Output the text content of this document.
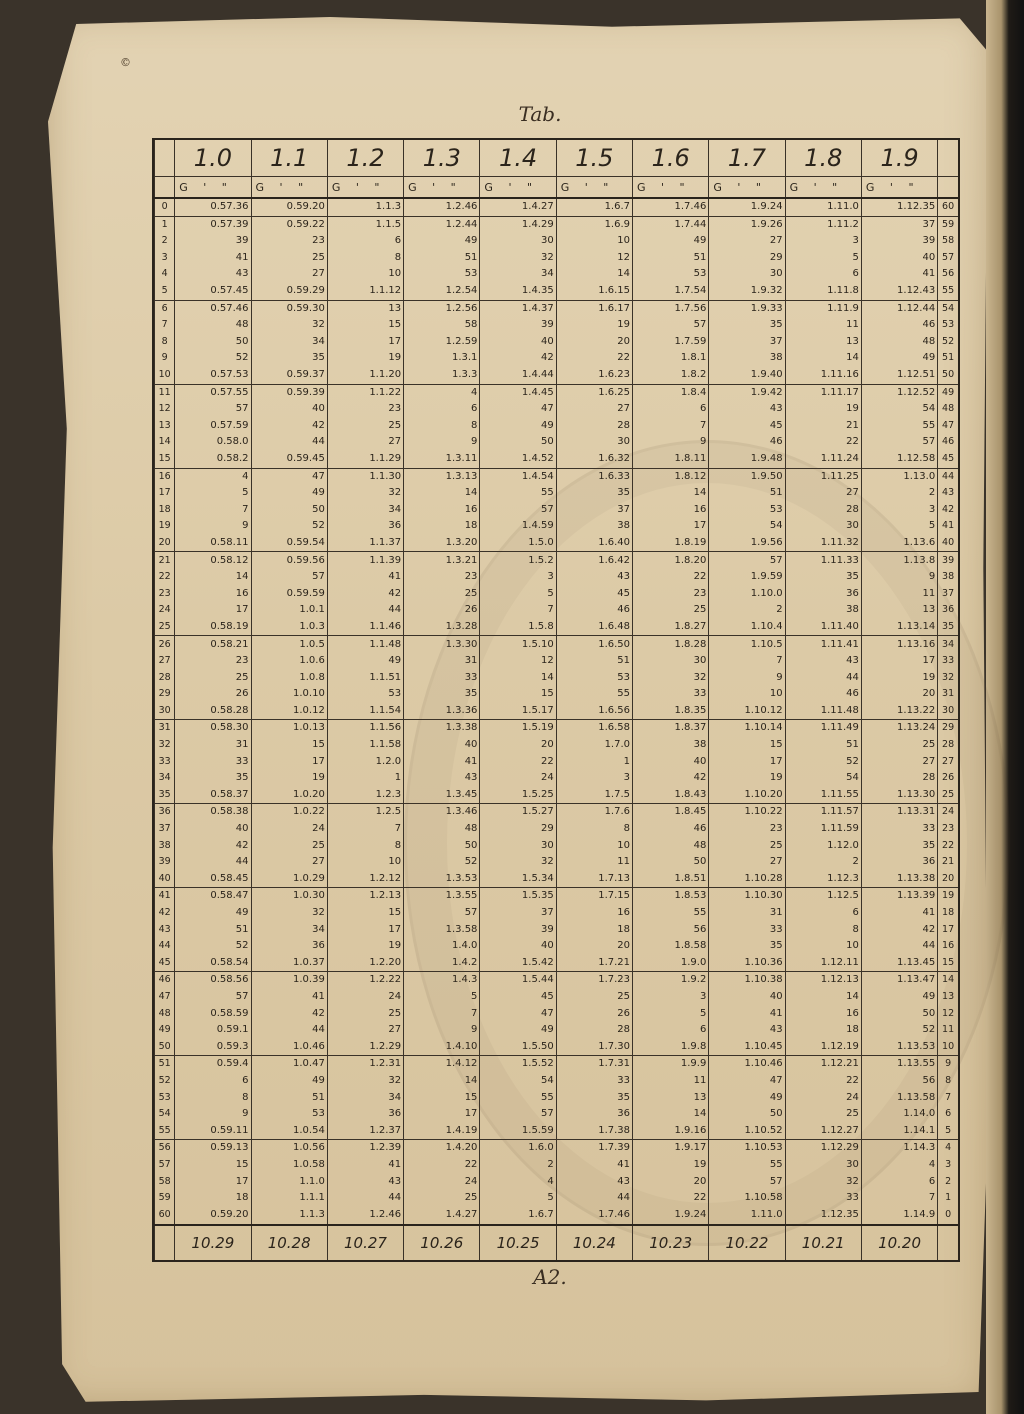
©
Tab.
	1.0	1.1	1.2	1.3	1.4	1.5	1.6	1.7	1.8	1.9	
	G ' "	G ' "	G ' "	G ' "	G ' "	G ' "	G ' "	G ' "	G ' "	G ' "	
0	0.57.36	0.59.20	1.1.3	1.2.46	1.4.27	1.6.7	1.7.46	1.9.24	1.11.0	1.12.35	60
1	0.57.39	0.59.22	1.1.5	1.2.44	1.4.29	1.6.9	1.7.44	1.9.26	1.11.2	37	59
2	39	23	6	49	30	10	49	27	3	39	58
3	41	25	8	51	32	12	51	29	5	40	57
4	43	27	10	53	34	14	53	30	6	41	56
5	0.57.45	0.59.29	1.1.12	1.2.54	1.4.35	1.6.15	1.7.54	1.9.32	1.11.8	1.12.43	55
6	0.57.46	0.59.30	13	1.2.56	1.4.37	1.6.17	1.7.56	1.9.33	1.11.9	1.12.44	54
7	48	32	15	58	39	19	57	35	11	46	53
8	50	34	17	1.2.59	40	20	1.7.59	37	13	48	52
9	52	35	19	1.3.1	42	22	1.8.1	38	14	49	51
10	0.57.53	0.59.37	1.1.20	1.3.3	1.4.44	1.6.23	1.8.2	1.9.40	1.11.16	1.12.51	50
11	0.57.55	0.59.39	1.1.22	4	1.4.45	1.6.25	1.8.4	1.9.42	1.11.17	1.12.52	49
12	57	40	23	6	47	27	6	43	19	54	48
13	0.57.59	42	25	8	49	28	7	45	21	55	47
14	0.58.0	44	27	9	50	30	9	46	22	57	46
15	0.58.2	0.59.45	1.1.29	1.3.11	1.4.52	1.6.32	1.8.11	1.9.48	1.11.24	1.12.58	45
16	4	47	1.1.30	1.3.13	1.4.54	1.6.33	1.8.12	1.9.50	1.11.25	1.13.0	44
17	5	49	32	14	55	35	14	51	27	2	43
18	7	50	34	16	57	37	16	53	28	3	42
19	9	52	36	18	1.4.59	38	17	54	30	5	41
20	0.58.11	0.59.54	1.1.37	1.3.20	1.5.0	1.6.40	1.8.19	1.9.56	1.11.32	1.13.6	40
21	0.58.12	0.59.56	1.1.39	1.3.21	1.5.2	1.6.42	1.8.20	57	1.11.33	1.13.8	39
22	14	57	41	23	3	43	22	1.9.59	35	9	38
23	16	0.59.59	42	25	5	45	23	1.10.0	36	11	37
24	17	1.0.1	44	26	7	46	25	2	38	13	36
25	0.58.19	1.0.3	1.1.46	1.3.28	1.5.8	1.6.48	1.8.27	1.10.4	1.11.40	1.13.14	35
26	0.58.21	1.0.5	1.1.48	1.3.30	1.5.10	1.6.50	1.8.28	1.10.5	1.11.41	1.13.16	34
27	23	1.0.6	49	31	12	51	30	7	43	17	33
28	25	1.0.8	1.1.51	33	14	53	32	9	44	19	32
29	26	1.0.10	53	35	15	55	33	10	46	20	31
30	0.58.28	1.0.12	1.1.54	1.3.36	1.5.17	1.6.56	1.8.35	1.10.12	1.11.48	1.13.22	30
31	0.58.30	1.0.13	1.1.56	1.3.38	1.5.19	1.6.58	1.8.37	1.10.14	1.11.49	1.13.24	29
32	31	15	1.1.58	40	20	1.7.0	38	15	51	25	28
33	33	17	1.2.0	41	22	1	40	17	52	27	27
34	35	19	1	43	24	3	42	19	54	28	26
35	0.58.37	1.0.20	1.2.3	1.3.45	1.5.25	1.7.5	1.8.43	1.10.20	1.11.55	1.13.30	25
36	0.58.38	1.0.22	1.2.5	1.3.46	1.5.27	1.7.6	1.8.45	1.10.22	1.11.57	1.13.31	24
37	40	24	7	48	29	8	46	23	1.11.59	33	23
38	42	25	8	50	30	10	48	25	1.12.0	35	22
39	44	27	10	52	32	11	50	27	2	36	21
40	0.58.45	1.0.29	1.2.12	1.3.53	1.5.34	1.7.13	1.8.51	1.10.28	1.12.3	1.13.38	20
41	0.58.47	1.0.30	1.2.13	1.3.55	1.5.35	1.7.15	1.8.53	1.10.30	1.12.5	1.13.39	19
42	49	32	15	57	37	16	55	31	6	41	18
43	51	34	17	1.3.58	39	18	56	33	8	42	17
44	52	36	19	1.4.0	40	20	1.8.58	35	10	44	16
45	0.58.54	1.0.37	1.2.20	1.4.2	1.5.42	1.7.21	1.9.0	1.10.36	1.12.11	1.13.45	15
46	0.58.56	1.0.39	1.2.22	1.4.3	1.5.44	1.7.23	1.9.2	1.10.38	1.12.13	1.13.47	14
47	57	41	24	5	45	25	3	40	14	49	13
48	0.58.59	42	25	7	47	26	5	41	16	50	12
49	0.59.1	44	27	9	49	28	6	43	18	52	11
50	0.59.3	1.0.46	1.2.29	1.4.10	1.5.50	1.7.30	1.9.8	1.10.45	1.12.19	1.13.53	10
51	0.59.4	1.0.47	1.2.31	1.4.12	1.5.52	1.7.31	1.9.9	1.10.46	1.12.21	1.13.55	9
52	6	49	32	14	54	33	11	47	22	56	8
53	8	51	34	15	55	35	13	49	24	1.13.58	7
54	9	53	36	17	57	36	14	50	25	1.14.0	6
55	0.59.11	1.0.54	1.2.37	1.4.19	1.5.59	1.7.38	1.9.16	1.10.52	1.12.27	1.14.1	5
56	0.59.13	1.0.56	1.2.39	1.4.20	1.6.0	1.7.39	1.9.17	1.10.53	1.12.29	1.14.3	4
57	15	1.0.58	41	22	2	41	19	55	30	4	3
58	17	1.1.0	43	24	4	43	20	57	32	6	2
59	18	1.1.1	44	25	5	44	22	1.10.58	33	7	1
60	0.59.20	1.1.3	1.2.46	1.4.27	1.6.7	1.7.46	1.9.24	1.11.0	1.12.35	1.14.9	0
	10.29	10.28	10.27	10.26	10.25	10.24	10.23	10.22	10.21	10.20	
A2.
